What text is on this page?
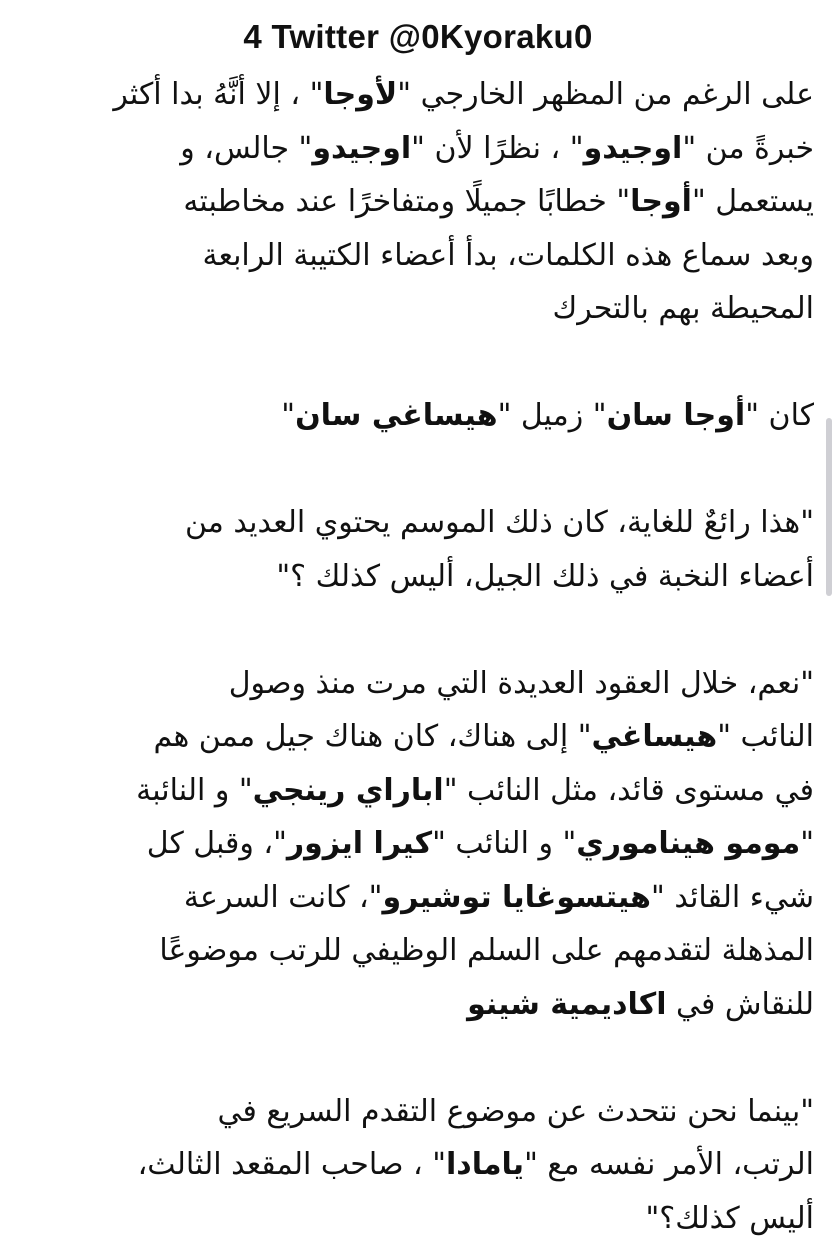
4 Twitter @0Kyoraku0
على الرغم من المظهر الخارجي "لأوجا" ، إلا أنَّهُ بدا أكثر
خبرةً من "اوجيدو" ، نظرًا لأن "اوجيدو" جالس، و
يستعمل "أوجا" خطابًا جميلًا ومتفاخرًا عند مخاطبته
وبعد سماع هذه الكلمات، بدأ أعضاء الكتيبة الرابعة
المحيطة بهم بالتحرك
كان "أوجا سان" زميل "هيساغي سان"
"هذا رائعٌ للغاية، كان ذلك الموسم يحتوي العديد من
أعضاء النخبة في ذلك الجيل، أليس كذلك ؟"
"نعم، خلال العقود العديدة التي مرت منذ وصول
النائب "هيساغي" إلى هناك، كان هناك جيل ممن هم
في مستوى قائد، مثل النائب "اباراي رينجي" و النائبة
"مومو هيناموري" و النائب "كيرا ايزور"، وقبل كل
شيء القائد "هيتسوغايا توشيرو"، كانت السرعة
المذهلة لتقدمهم على السلم الوظيفي للرتب موضوعًا
للنقاش في اكاديمية شينو
"بينما نحن نتحدث عن موضوع التقدم السريع في
الرتب، الأمر نفسه مع "يامادا" ، صاحب المقعد الثالث،
أليس كذلك؟"
